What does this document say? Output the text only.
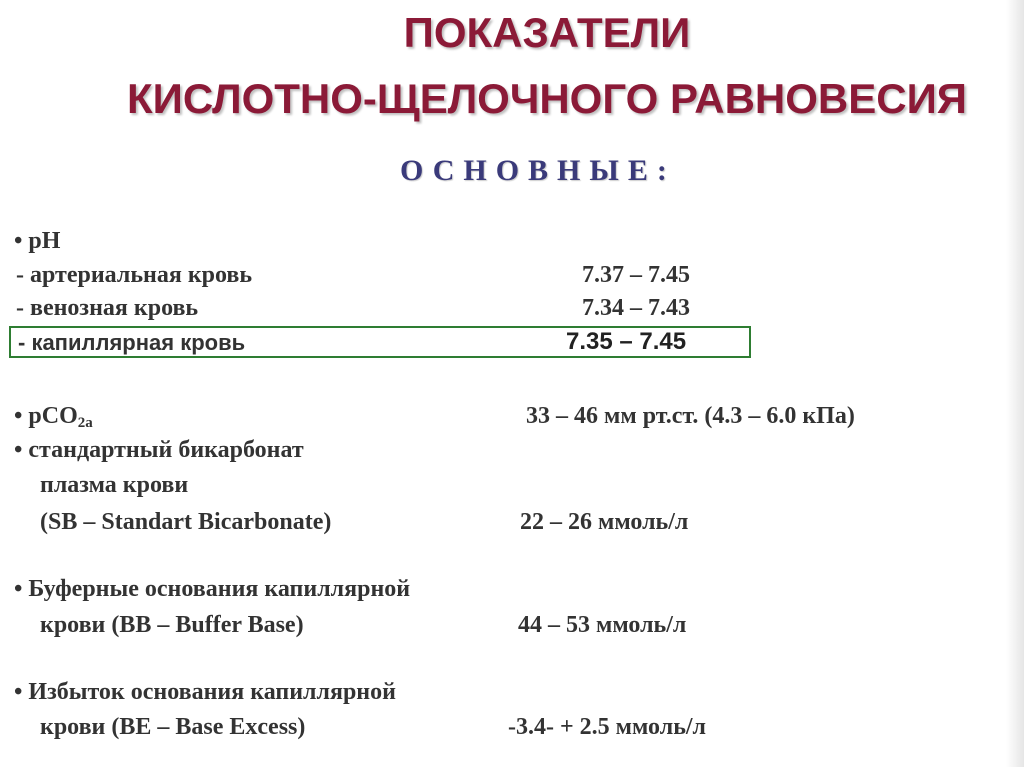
ПОКАЗАТЕЛИ
КИСЛОТНО-ЩЕЛОЧНОГО РАВНОВЕСИЯ
ОСНОВНЫЕ:
• pH
- артериальная кровь	7.37 – 7.45
- венозная кровь	7.34 – 7.43
- капиллярная кровь	7.35 – 7.45
• pCO$_{2а}$	33 – 46 мм рт.ст. (4.3 – 6.0 кПа)
• стандартный бикарбонат
плазма крови
(SB – Standart Bicarbonate)	22 – 26 ммоль/л
• Буферные основания капиллярной
крови (BB – Buffer Base)	44 – 53 ммоль/л
• Избыток основания капиллярной
крови (BE – Base Excess)	-3.4- + 2.5 ммоль/л
